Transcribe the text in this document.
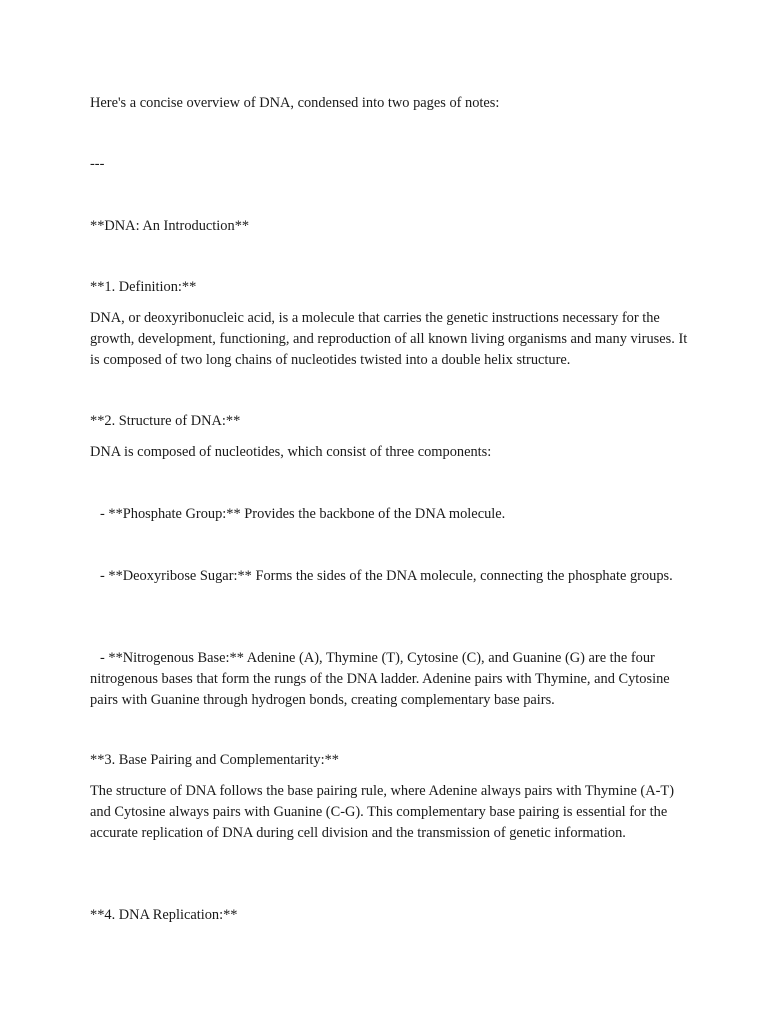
Here's a concise overview of DNA, condensed into two pages of notes:

---

**DNA: An Introduction**

**1. Definition:**

DNA, or deoxyribonucleic acid, is a molecule that carries the genetic instructions necessary for the growth, development, functioning, and reproduction of all known living organisms and many viruses. It is composed of two long chains of nucleotides twisted into a double helix structure.

**2. Structure of DNA:**

DNA is composed of nucleotides, which consist of three components:

- **Phosphate Group:** Provides the backbone of the DNA molecule.

- **Deoxyribose Sugar:** Forms the sides of the DNA molecule, connecting the phosphate groups.

- **Nitrogenous Base:** Adenine (A), Thymine (T), Cytosine (C), and Guanine (G) are the four nitrogenous bases that form the rungs of the DNA ladder. Adenine pairs with Thymine, and Cytosine pairs with Guanine through hydrogen bonds, creating complementary base pairs.

**3. Base Pairing and Complementarity:**

The structure of DNA follows the base pairing rule, where Adenine always pairs with Thymine (A-T) and Cytosine always pairs with Guanine (C-G). This complementary base pairing is essential for the accurate replication of DNA during cell division and the transmission of genetic information.

**4. DNA Replication:**
